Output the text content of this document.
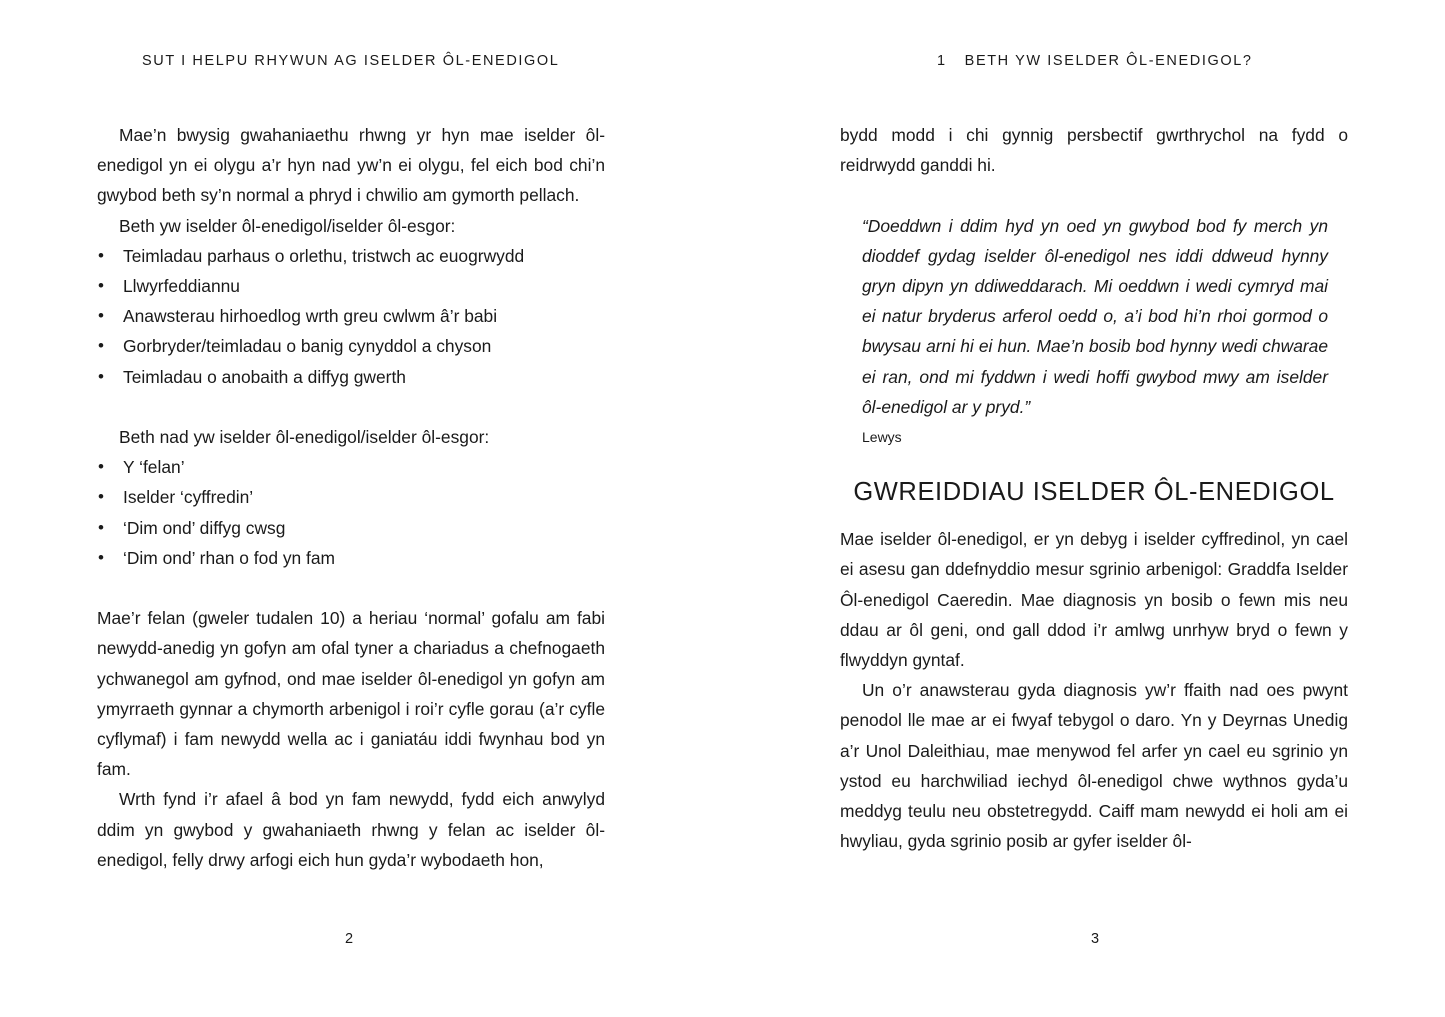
SUT I HELPU RHYWUN AG ISELDER ÔL-ENEDIGOL

Mae’n bwysig gwahaniaethu rhwng yr hyn mae iselder ôl-enedigol yn ei olygu a’r hyn nad yw’n ei olygu, fel eich bod chi’n gwybod beth sy’n normal a phryd i chwilio am gymorth pellach.

Beth yw iselder ôl-enedigol/iselder ôl-esgor:

• Teimladau parhaus o orlethu, tristwch ac euogrwydd
• Llwyrfeddiannu
• Anawsterau hirhoedlog wrth greu cwlwm â’r babi
• Gorbryder/teimladau o banig cynyddol a chyson
• Teimladau o anobaith a diffyg gwerth

Beth nad yw iselder ôl-enedigol/iselder ôl-esgor:

• Y ‘felan’
• Iselder ‘cyffredin’
• ‘Dim ond’ diffyg cwsg
• ‘Dim ond’ rhan o fod yn fam

Mae’r felan (gweler tudalen 10) a heriau ‘normal’ gofalu am fabi newydd-anedig yn gofyn am ofal tyner a chariadus a chefnogaeth ychwanegol am gyfnod, ond mae iselder ôl-enedigol yn gofyn am ymyrraeth gynnar a chymorth arbenigol i roi’r cyfle gorau (a’r cyfle cyflymaf) i fam newydd wella ac i ganiatáu iddi fwynhau bod yn fam.

Wrth fynd i’r afael â bod yn fam newydd, fydd eich anwylyd ddim yn gwybod y gwahaniaeth rhwng y felan ac iselder ôl-enedigol, felly drwy arfogi eich hun gyda’r wybodaeth hon,

2
1 BETH YW ISELDER ÔL-ENEDIGOL?

bydd modd i chi gynnig persbectif gwrthrychol na fydd o reidrwydd ganddi hi.

“Doeddwn i ddim hyd yn oed yn gwybod bod fy merch yn dioddef gydag iselder ôl-enedigol nes iddi ddweud hynny gryn dipyn yn ddiweddarach. Mi oeddwn i wedi cymryd mai ei natur bryderus arferol oedd o, a’i bod hi’n rhoi gormod o bwysau arni hi ei hun. Mae’n bosib bod hynny wedi chwarae ei ran, ond mi fyddwn i wedi hoffi gwybod mwy am iselder ôl-enedigol ar y pryd.”

Lewys
GWREIDDIAU ISELDER ÔL-ENEDIGOL

Mae iselder ôl-enedigol, er yn debyg i iselder cyffredinol, yn cael ei asesu gan ddefnyddio mesur sgrinio arbenigol: Graddfa Iselder Ôl-enedigol Caeredin. Mae diagnosis yn bosib o fewn mis neu ddau ar ôl geni, ond gall ddod i’r amlwg unrhyw bryd o fewn y flwyddyn gyntaf.

Un o’r anawsterau gyda diagnosis yw’r ffaith nad oes pwynt penodol lle mae ar ei fwyaf tebygol o daro. Yn y Deyrnas Unedig a’r Unol Daleithiau, mae menywod fel arfer yn cael eu sgrinio yn ystod eu harchwiliad iechyd ôl-enedigol chwe wythnos gyda’u meddyg teulu neu obstetregydd. Caiff mam newydd ei holi am ei hwyliau, gyda sgrinio posib ar gyfer iselder ôl-

3
